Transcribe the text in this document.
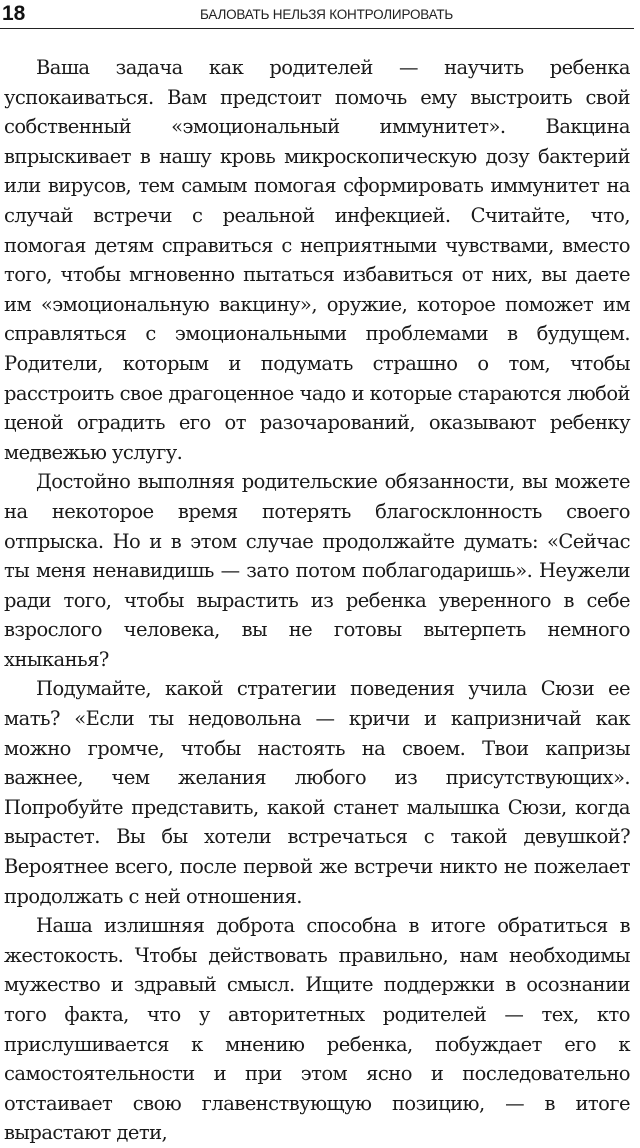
18	БАЛОВАТЬ НЕЛЬЗЯ КОНТРОЛИРОВАТЬ

Ваша задача как родителей — научить ребенка успокаиваться. Вам предстоит помочь ему выстроить свой собственный «эмоциональный иммунитет». Вакцина впрыскивает в нашу кровь микроскопическую дозу бактерий или вирусов, тем самым помогая сформировать иммунитет на случай встречи с реальной инфекцией. Считайте, что, помогая детям справиться с неприятными чувствами, вместо того, чтобы мгновенно пытаться избавиться от них, вы даете им «эмоциональную вакцину», оружие, которое поможет им справляться с эмоциональными проблемами в будущем. Родители, которым и подумать страшно о том, чтобы расстроить свое драгоценное чадо и которые стараются любой ценой оградить его от разочарований, оказывают ребенку медвежью услугу.

Достойно выполняя родительские обязанности, вы можете на некоторое время потерять благосклонность своего отпрыска. Но и в этом случае продолжайте думать: «Сейчас ты меня ненавидишь — зато потом поблагодаришь». Неужели ради того, чтобы вырастить из ребенка уверенного в себе взрослого человека, вы не готовы вытерпеть немного хныканья?

Подумайте, какой стратегии поведения учила Сюзи ее мать? «Если ты недовольна — кричи и капризничай как можно громче, чтобы настоять на своем. Твои капризы важнее, чем желания любого из присутствующих». Попробуйте представить, какой станет малышка Сюзи, когда вырастет. Вы бы хотели встречаться с такой девушкой? Вероятнее всего, после первой же встречи никто не пожелает продолжать с ней отношения.

Наша излишняя доброта способна в итоге обратиться в жестокость. Чтобы действовать правильно, нам необходимы мужество и здравый смысл. Ищите поддержки в осознании того факта, что у авторитетных родителей — тех, кто прислушивается к мнению ребенка, побуждает его к самостоятельности и при этом ясно и последовательно отстаивает свою главенствующую позицию, — в итоге вырастают дети,
